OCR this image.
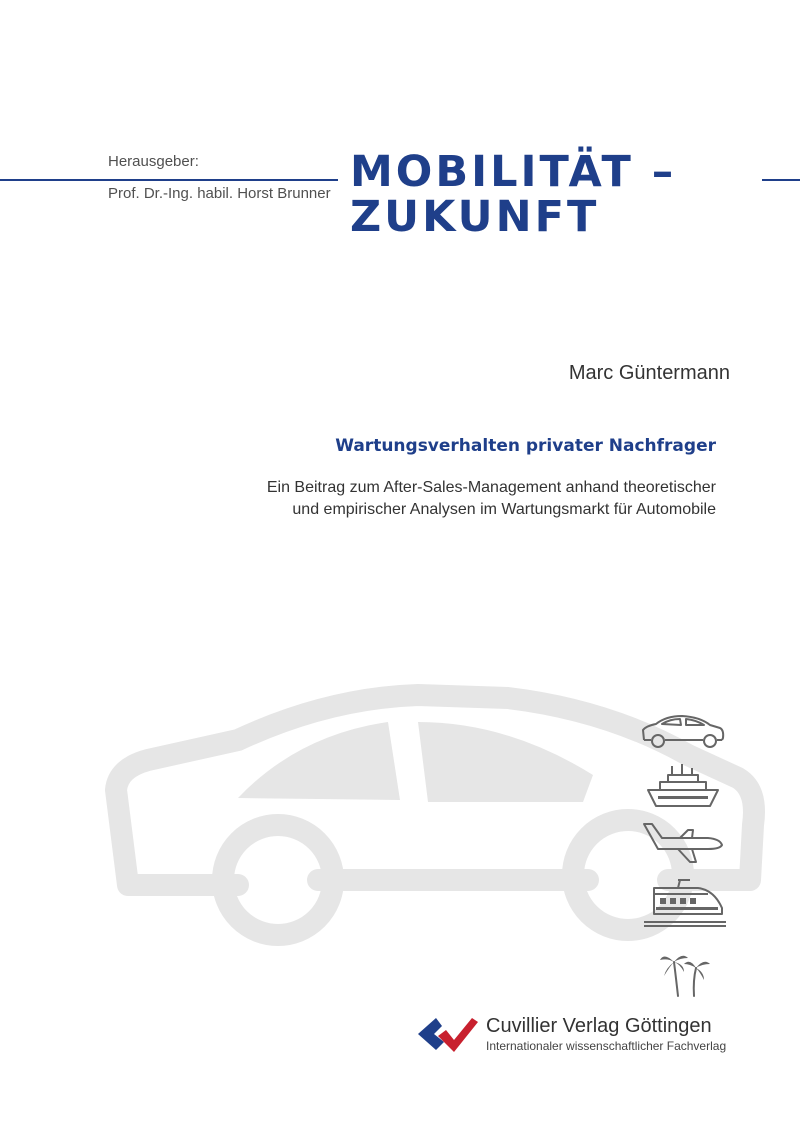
Herausgeber:
Prof. Dr.-Ing. habil. Horst Brunner MOBILITÄT –
ZUKUNFT
Marc Güntermann
Wartungsverhalten privater Nachfrager
Ein Beitrag zum After-Sales-Management anhand theoretischer
und empirischer Analysen im Wartungsmarkt für Automobile
Cuvillier Verlag Göttingen
Internationaler wissenschaftlicher Fachverlag
